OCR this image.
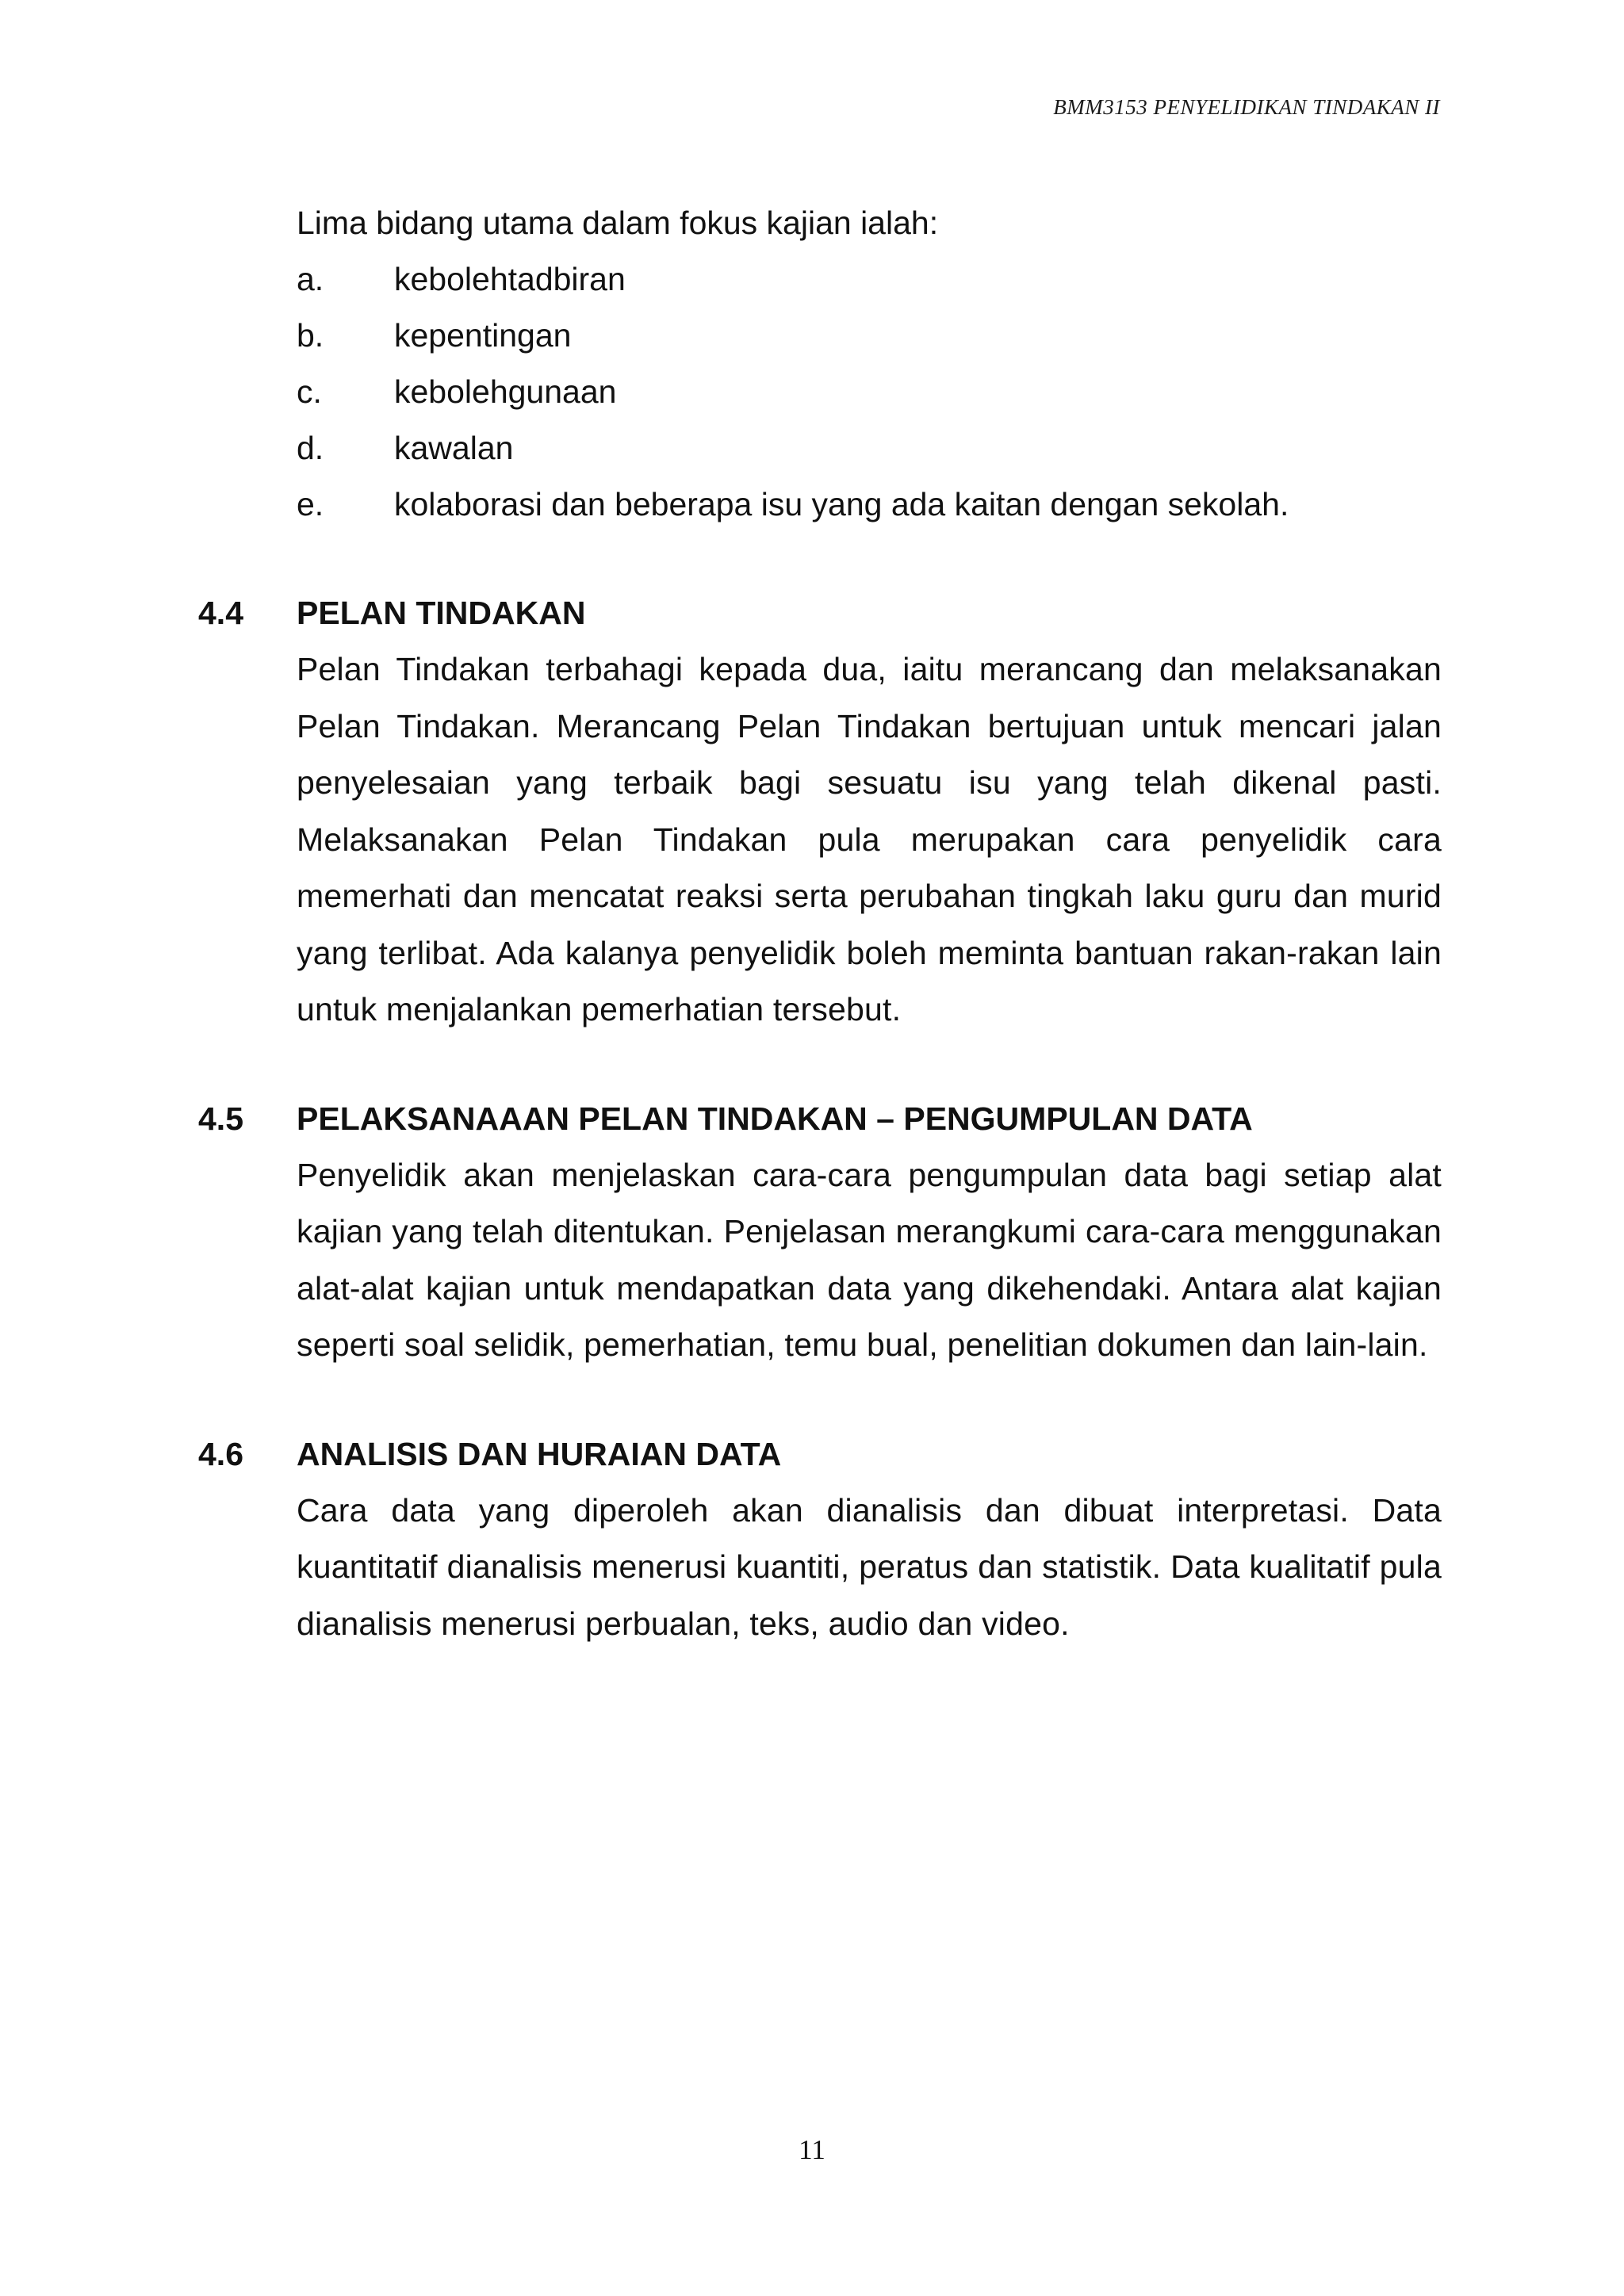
BMM3153 PENYELIDIKAN TINDAKAN II
Lima bidang utama dalam fokus kajian ialah:
a.	kebolehtadbiran
b.	kepentingan
c.	kebolehgunaan
d.	kawalan
e.	kolaborasi dan beberapa isu yang ada kaitan dengan sekolah.
4.4	PELAN TINDAKAN

Pelan Tindakan terbahagi kepada dua, iaitu merancang dan melaksanakan Pelan Tindakan. Merancang Pelan Tindakan bertujuan untuk mencari jalan penyelesaian yang terbaik bagi sesuatu isu yang telah dikenal pasti. Melaksanakan Pelan Tindakan pula merupakan cara penyelidik cara memerhati dan mencatat reaksi serta perubahan tingkah laku guru dan murid yang terlibat. Ada kalanya penyelidik boleh meminta bantuan rakan-rakan lain untuk menjalankan pemerhatian tersebut.

4.5	PELAKSANAAAN PELAN TINDAKAN – PENGUMPULAN DATA

Penyelidik akan menjelaskan cara-cara pengumpulan data bagi setiap alat kajian yang telah ditentukan. Penjelasan merangkumi cara-cara menggunakan alat-alat kajian untuk mendapatkan data yang dikehendaki. Antara alat kajian seperti soal selidik, pemerhatian, temu bual, penelitian dokumen dan lain-lain.

4.6	ANALISIS DAN HURAIAN DATA

Cara data yang diperoleh akan dianalisis dan dibuat interpretasi. Data kuantitatif dianalisis menerusi kuantiti, peratus dan statistik. Data kualitatif pula dianalisis menerusi perbualan, teks, audio dan video.

11
